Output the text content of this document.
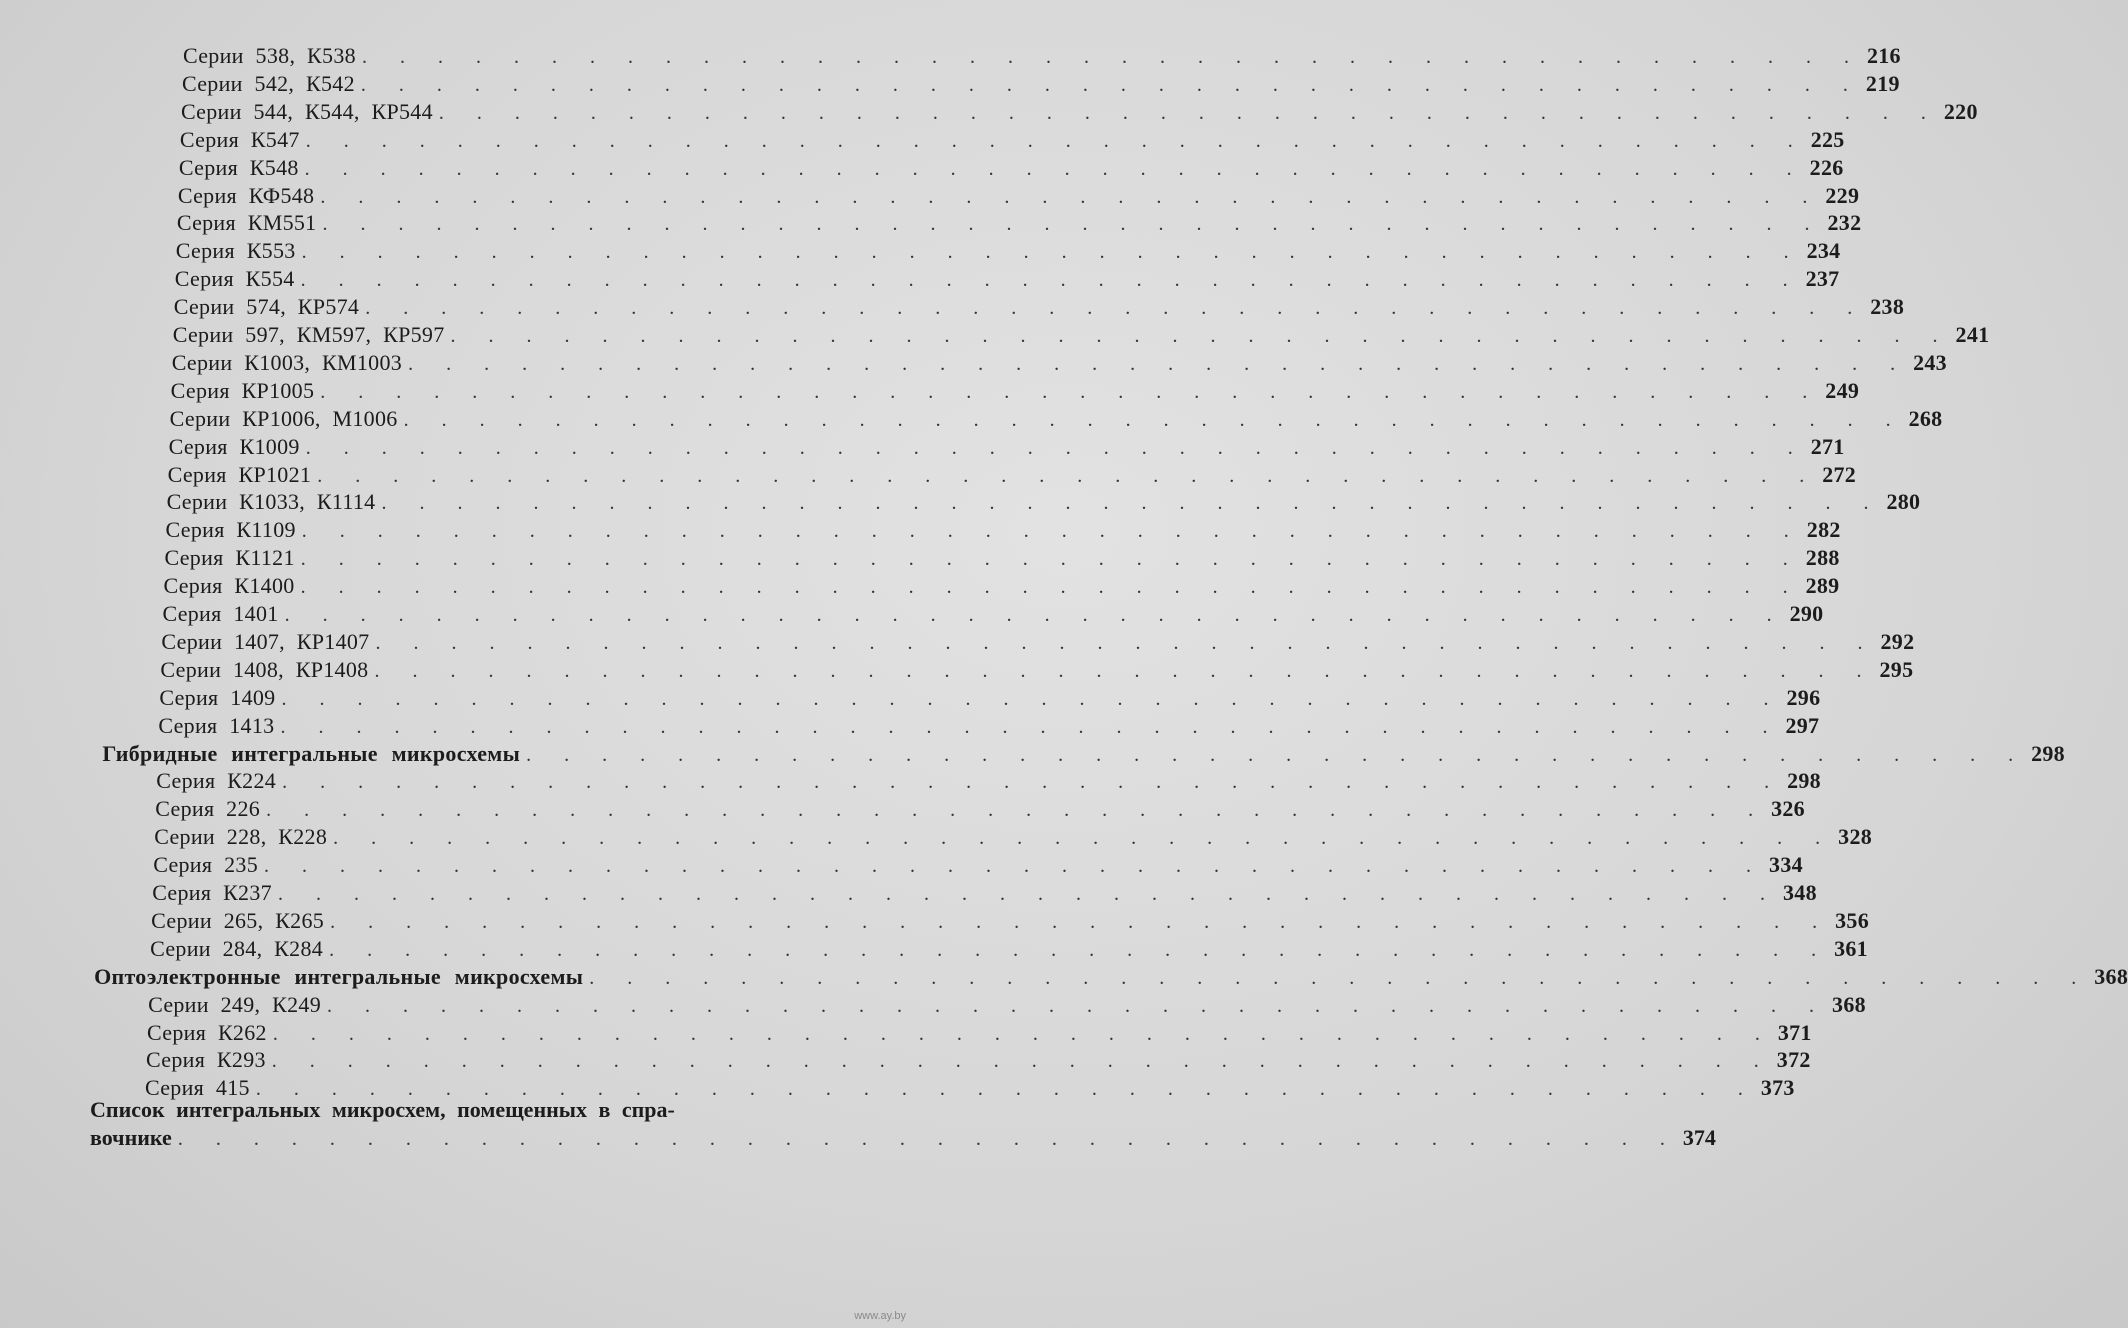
Серии 538, К538 . . . . . . . . . . . . . . . . . . . . . . . . . . . . . . . . . . . . . . . . 216
Серии 542, К542 . . . . . . . . . . . . . . . . . . . . . . . . . . . . . . . . . . . . . . . . 219
Серии 544, К544, КР544 . . . . . . . . . . . . . . . . . . . . . . . . . . . . . . . . . . . . . . . . 220
Серия К547 . . . . . . . . . . . . . . . . . . . . . . . . . . . . . . . . . . . . . . . . 225
Серия К548 . . . . . . . . . . . . . . . . . . . . . . . . . . . . . . . . . . . . . . . . 226
Серия КФ548 . . . . . . . . . . . . . . . . . . . . . . . . . . . . . . . . . . . . . . . . 229
Серия КМ551 . . . . . . . . . . . . . . . . . . . . . . . . . . . . . . . . . . . . . . . . 232
Серия К553 . . . . . . . . . . . . . . . . . . . . . . . . . . . . . . . . . . . . . . . . 234
Серия К554 . . . . . . . . . . . . . . . . . . . . . . . . . . . . . . . . . . . . . . . . 237
Серии 574, КР574 . . . . . . . . . . . . . . . . . . . . . . . . . . . . . . . . . . . . . . . . 238
Серии 597, КМ597, КР597 . . . . . . . . . . . . . . . . . . . . . . . . . . . . . . . . . . . . . . . . 241
Серии К1003, КМ1003 . . . . . . . . . . . . . . . . . . . . . . . . . . . . . . . . . . . . . . . . 243
Серия КР1005 . . . . . . . . . . . . . . . . . . . . . . . . . . . . . . . . . . . . . . . . 249
Серии КР1006, М1006 . . . . . . . . . . . . . . . . . . . . . . . . . . . . . . . . . . . . . . . . 268
Серия К1009 . . . . . . . . . . . . . . . . . . . . . . . . . . . . . . . . . . . . . . . . 271
Серия КР1021 . . . . . . . . . . . . . . . . . . . . . . . . . . . . . . . . . . . . . . . . 272
Серии К1033, К1114 . . . . . . . . . . . . . . . . . . . . . . . . . . . . . . . . . . . . . . . . 280
Серия К1109 . . . . . . . . . . . . . . . . . . . . . . . . . . . . . . . . . . . . . . . . 282
Серия К1121 . . . . . . . . . . . . . . . . . . . . . . . . . . . . . . . . . . . . . . . . 288
Серия К1400 . . . . . . . . . . . . . . . . . . . . . . . . . . . . . . . . . . . . . . . . 289
Серия 1401 . . . . . . . . . . . . . . . . . . . . . . . . . . . . . . . . . . . . . . . . 290
Серии 1407, КР1407 . . . . . . . . . . . . . . . . . . . . . . . . . . . . . . . . . . . . . . . . 292
Серии 1408, КР1408 . . . . . . . . . . . . . . . . . . . . . . . . . . . . . . . . . . . . . . . . 295
Серия 1409 . . . . . . . . . . . . . . . . . . . . . . . . . . . . . . . . . . . . . . . . 296
Серия 1413 . . . . . . . . . . . . . . . . . . . . . . . . . . . . . . . . . . . . . . . . 297
Гибридные интегральные микросхемы . . . . . . . . . . . . . . . . . . . . . . . . . . . . . . . . . . . . . . . . 298
Серия К224 . . . . . . . . . . . . . . . . . . . . . . . . . . . . . . . . . . . . . . . . 298
Серия 226 . . . . . . . . . . . . . . . . . . . . . . . . . . . . . . . . . . . . . . . . 326
Серии 228, К228 . . . . . . . . . . . . . . . . . . . . . . . . . . . . . . . . . . . . . . . . 328
Серия 235 . . . . . . . . . . . . . . . . . . . . . . . . . . . . . . . . . . . . . . . . 334
Серия К237 . . . . . . . . . . . . . . . . . . . . . . . . . . . . . . . . . . . . . . . . 348
Серии 265, К265 . . . . . . . . . . . . . . . . . . . . . . . . . . . . . . . . . . . . . . . . 356
Серии 284, К284 . . . . . . . . . . . . . . . . . . . . . . . . . . . . . . . . . . . . . . . . 361
Оптоэлектронные интегральные микросхемы . . . . . . . . . . . . . . . . . . . . . . . . . . . . . . . . . . . . . . . . 368
Серии 249, К249 . . . . . . . . . . . . . . . . . . . . . . . . . . . . . . . . . . . . . . . . 368
Серия К262 . . . . . . . . . . . . . . . . . . . . . . . . . . . . . . . . . . . . . . . . 371
Серия К293 . . . . . . . . . . . . . . . . . . . . . . . . . . . . . . . . . . . . . . . . 372
Серия 415 . . . . . . . . . . . . . . . . . . . . . . . . . . . . . . . . . . . . . . . . 373
Список интегральных микросхем, помещенных в спра-
вочнике . . . . . . . . . . . . . . . . . . . . . . . . . . . . . . . . . . . . . . . . 374
www.ay.by
